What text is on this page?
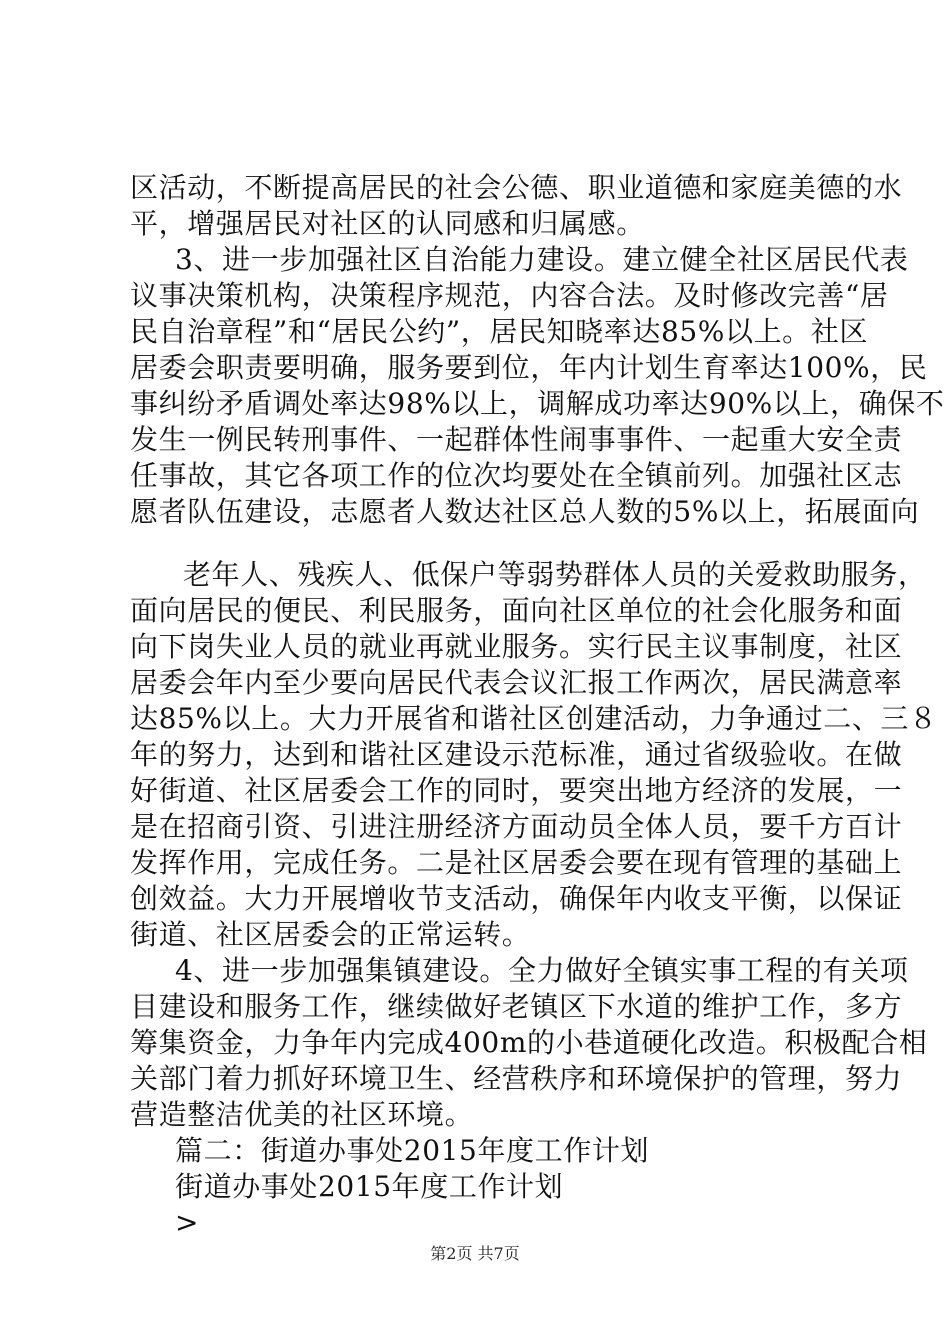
区活动，不断提高居民的社会公德、职业道德和家庭美德的水
平，增强居民对社区的认同感和归属感。
3、进一步加强社区自治能力建设。建立健全社区居民代表
议事决策机构，决策程序规范，内容合法。及时修改完善“居
民自治章程”和“居民公约”，居民知晓率达85%以上。社区
居委会职责要明确，服务要到位，年内计划生育率达100%，民
事纠纷矛盾调处率达98%以上，调解成功率达90%以上，确保不
发生一例民转刑事件、一起群体性闹事事件、一起重大安全责
任事故，其它各项工作的位次均要处在全镇前列。加强社区志
愿者队伍建设，志愿者人数达社区总人数的5%以上，拓展面向
老年人、残疾人、低保户等弱势群体人员的关爱救助服务，
面向居民的便民、利民服务，面向社区单位的社会化服务和面
向下岗失业人员的就业再就业服务。实行民主议事制度，社区
居委会年内至少要向居民代表会议汇报工作两次，居民满意率
达85%以上。大力开展省和谐社区创建活动，力争通过二、三８
年的努力，达到和谐社区建设示范标准，通过省级验收。在做
好街道、社区居委会工作的同时，要突出地方经济的发展，一
是在招商引资、引进注册经济方面动员全体人员，要千方百计
发挥作用，完成任务。二是社区居委会要在现有管理的基础上
创效益。大力开展增收节支活动，确保年内收支平衡，以保证
街道、社区居委会的正常运转。
4、进一步加强集镇建设。全力做好全镇实事工程的有关项
目建设和服务工作，继续做好老镇区下水道的维护工作，多方
筹集资金，力争年内完成400m的小巷道硬化改造。积极配合相
关部门着力抓好环境卫生、经营秩序和环境保护的管理，努力
营造整洁优美的社区环境。
篇二：街道办事处2015年度工作计划
街道办事处2015年度工作计划
>
第2页 共7页
